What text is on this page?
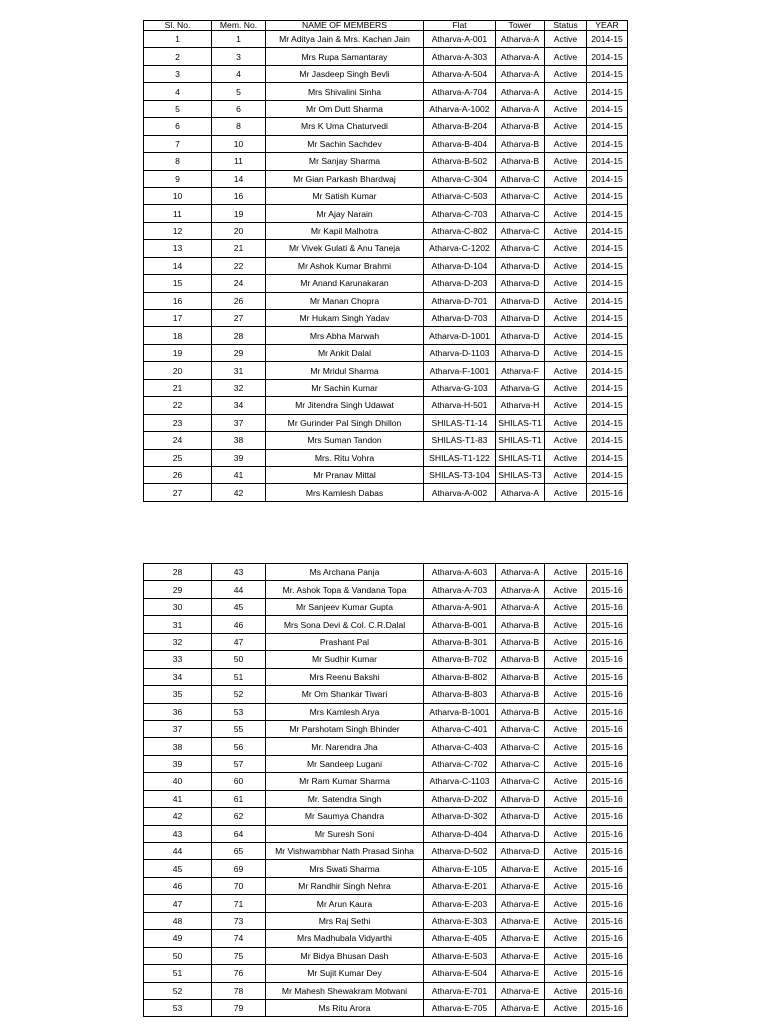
Sl. No.	Mem. No.	NAME OF MEMBERS	Flat	Tower	Status	YEAR
1	1	Mr Aditya Jain & Mrs. Kachan Jain	Atharva-A-001	Atharva-A	Active	2014-15
2	3	Mrs Rupa Samantaray	Atharva-A-303	Atharva-A	Active	2014-15
3	4	Mr Jasdeep Singh Bevli	Atharva-A-504	Atharva-A	Active	2014-15
4	5	Mrs Shivalini Sinha	Atharva-A-704	Atharva-A	Active	2014-15
5	6	Mr Om Dutt Sharma	Atharva-A-1002	Atharva-A	Active	2014-15
6	8	Mrs K Uma Chaturvedi	Atharva-B-204	Atharva-B	Active	2014-15
7	10	Mr Sachin Sachdev	Atharva-B-404	Atharva-B	Active	2014-15
8	11	Mr Sanjay Sharma	Atharva-B-502	Atharva-B	Active	2014-15
9	14	Mr Gian Parkash Bhardwaj	Atharva-C-304	Atharva-C	Active	2014-15
10	16	Mr Satish Kumar	Atharva-C-503	Atharva-C	Active	2014-15
11	19	Mr Ajay Narain	Atharva-C-703	Atharva-C	Active	2014-15
12	20	Mr Kapil Malhotra	Atharva-C-802	Atharva-C	Active	2014-15
13	21	Mr Vivek Gulati & Anu Taneja	Atharva-C-1202	Atharva-C	Active	2014-15
14	22	Mr Ashok Kumar Brahmi	Atharva-D-104	Atharva-D	Active	2014-15
15	24	Mr Anand Karunakaran	Atharva-D-203	Atharva-D	Active	2014-15
16	26	Mr Manan Chopra	Atharva-D-701	Atharva-D	Active	2014-15
17	27	Mr Hukam Singh Yadav	Atharva-D-703	Atharva-D	Active	2014-15
18	28	Mrs Abha Marwah	Atharva-D-1001	Atharva-D	Active	2014-15
19	29	Mr Ankit Dalal	Atharva-D-1103	Atharva-D	Active	2014-15
20	31	Mr Mridul Sharma	Atharva-F-1001	Atharva-F	Active	2014-15
21	32	Mr Sachin Kumar	Atharva-G-103	Atharva-G	Active	2014-15
22	34	Mr Jitendra Singh Udawat	Atharva-H-501	Atharva-H	Active	2014-15
23	37	Mr Gurinder Pal Singh Dhillon	SHILAS-T1-14	SHILAS-T1	Active	2014-15
24	38	Mrs Suman Tandon	SHILAS-T1-83	SHILAS-T1	Active	2014-15
25	39	Mrs. Ritu Vohra	SHILAS-T1-122	SHILAS-T1	Active	2014-15
26	41	Mr Pranav Mittal	SHILAS-T3-104	SHILAS-T3	Active	2014-15
27	42	Mrs Kamlesh Dabas	Atharva-A-002	Atharva-A	Active	2015-16
28	43	Ms Archana Panja	Atharva-A-603	Atharva-A	Active	2015-16
29	44	Mr. Ashok Topa & Vandana Topa	Atharva-A-703	Atharva-A	Active	2015-16
30	45	Mr Sanjeev Kumar Gupta	Atharva-A-901	Atharva-A	Active	2015-16
31	46	Mrs Sona Devi & Col. C.R.Dalal	Atharva-B-001	Atharva-B	Active	2015-16
32	47	Prashant Pal	Atharva-B-301	Atharva-B	Active	2015-16
33	50	Mr Sudhir Kumar	Atharva-B-702	Atharva-B	Active	2015-16
34	51	Mrs Reenu Bakshi	Atharva-B-802	Atharva-B	Active	2015-16
35	52	Mr Om Shankar Tiwari	Atharva-B-803	Atharva-B	Active	2015-16
36	53	Mrs Kamlesh Arya	Atharva-B-1001	Atharva-B	Active	2015-16
37	55	Mr Parshotam Singh Bhinder	Atharva-C-401	Atharva-C	Active	2015-16
38	56	Mr. Narendra Jha	Atharva-C-403	Atharva-C	Active	2015-16
39	57	Mr Sandeep Lugani	Atharva-C-702	Atharva-C	Active	2015-16
40	60	Mr Ram Kumar Sharma	Atharva-C-1103	Atharva-C	Active	2015-16
41	61	Mr. Satendra Singh	Atharva-D-202	Atharva-D	Active	2015-16
42	62	Mr Saumya Chandra	Atharva-D-302	Atharva-D	Active	2015-16
43	64	Mr Suresh Soni	Atharva-D-404	Atharva-D	Active	2015-16
44	65	Mr Vishwambhar Nath Prasad Sinha	Atharva-D-502	Atharva-D	Active	2015-16
45	69	Mrs Swati Sharma	Atharva-E-105	Atharva-E	Active	2015-16
46	70	Mr Randhir Singh Nehra	Atharva-E-201	Atharva-E	Active	2015-16
47	71	Mr Arun Kaura	Atharva-E-203	Atharva-E	Active	2015-16
48	73	Mrs Raj Sethi	Atharva-E-303	Atharva-E	Active	2015-16
49	74	Mrs Madhubala Vidyarthi	Atharva-E-405	Atharva-E	Active	2015-16
50	75	Mr Bidya Bhusan Dash	Atharva-E-503	Atharva-E	Active	2015-16
51	76	Mr Sujit Kumar Dey	Atharva-E-504	Atharva-E	Active	2015-16
52	78	Mr Mahesh Shewakram Motwani	Atharva-E-701	Atharva-E	Active	2015-16
53	79	Ms Ritu Arora	Atharva-E-705	Atharva-E	Active	2015-16
